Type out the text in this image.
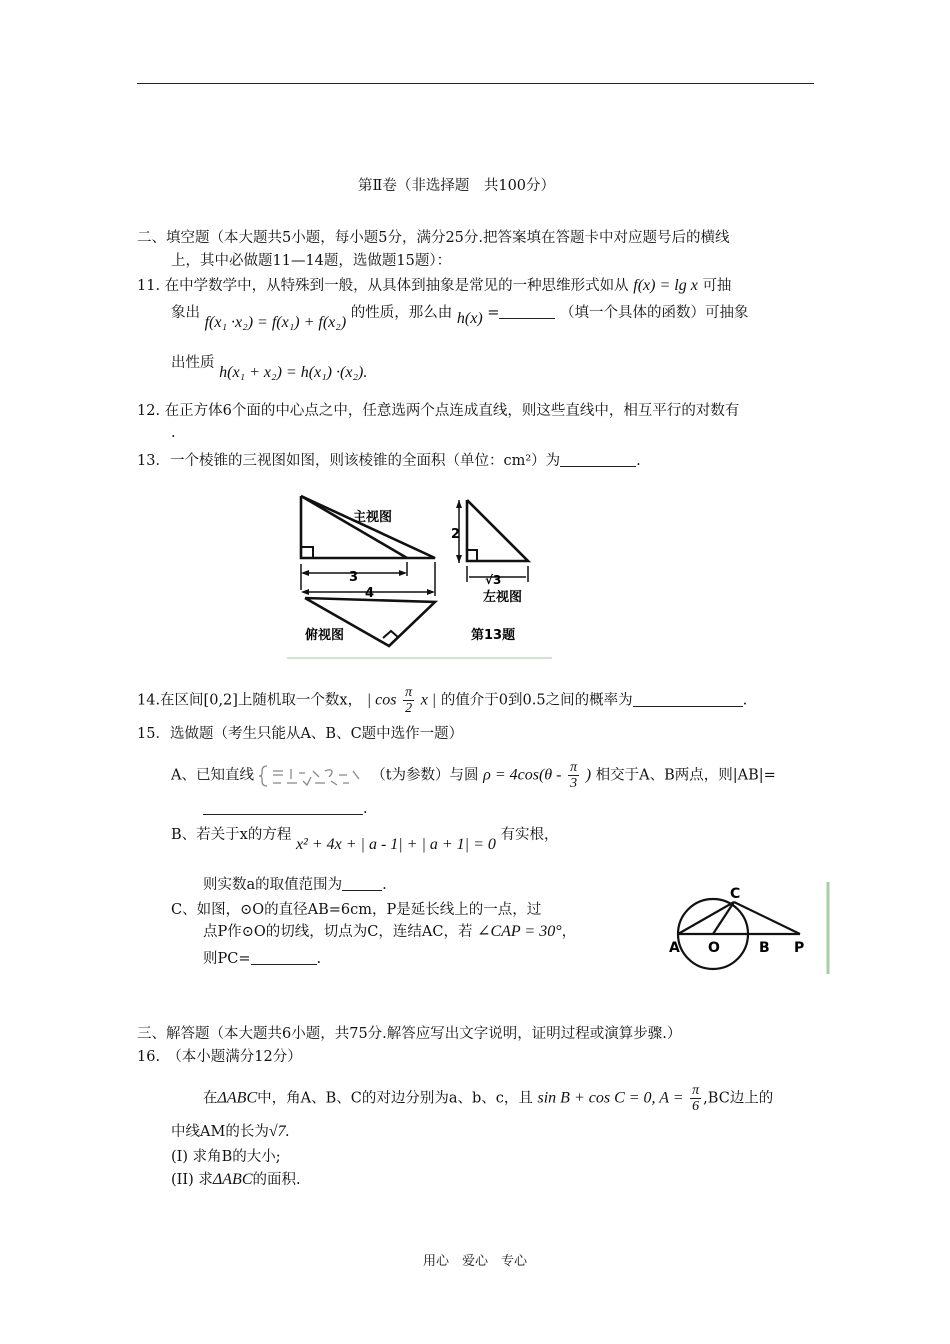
第Ⅱ卷（非选择题　共100分）
二、填空题（本大题共5小题，每小题5分，满分25分.把答案填在答题卡中对应题号后的横线
上，其中必做题11—14题，选做题15题）：
11. 在中学数学中，从特殊到一般，从具体到抽象是常见的一种思维形式如从 f(x) = lg x 可抽
象出 f(x₁ ·x₂) = f(x₁) + f(x₂) 的性质，那么由 h(x) =	（填一个具体的函数）可抽象
出性质 h(x₁ + x₂) = h(x₁) ·(x₂).
12. 在正方体6个面的中心点之中，任意选两个点连成直线，则这些直线中，相互平行的对数有
.
13．一个棱锥的三视图如图，则该棱锥的全面积（单位：cm²）为	.
主视图
3
4
俯视图
2
√3
左视图
第13题
14.在区间[0,2]上随机取一个数x， | $\cos \frac{\pi}{2}$ x | 的值介于0到0.5之间的概率为	.
15．选做题（考生只能从A、B、C题中选作一题）
A、已知直线	（t为参数）与圆 $\rho = 4\cos(\theta - \frac{\pi}{3}$ ) 相交于A、B两点，则|AB|=
.
B、若关于x的方程 x² + 4x + | a - 1| + | a + 1| = 0 有实根，
则实数a的取值范围为	.
C、如图，⊙O的直径AB=6cm，P是延长线上的一点，过
点P作⊙O的切线，切点为C，连结AC，若 ∠CAP = 30°，
则PC=	.
C
A O	B P
三、解答题（本大题共6小题，共75分.解答应写出文字说明，证明过程或演算步骤.）
16.　（本小题满分12分）
在ΔABC中，角A、B、C的对边分别为a、b、c，且 sin B + cos C = 0, $A = \frac{\pi}{6} ,BC$边上的
中线AM的长为√7.
(I) 求角B的大小;
(II) 求ΔABC的面积.
用心　爱心　专心
